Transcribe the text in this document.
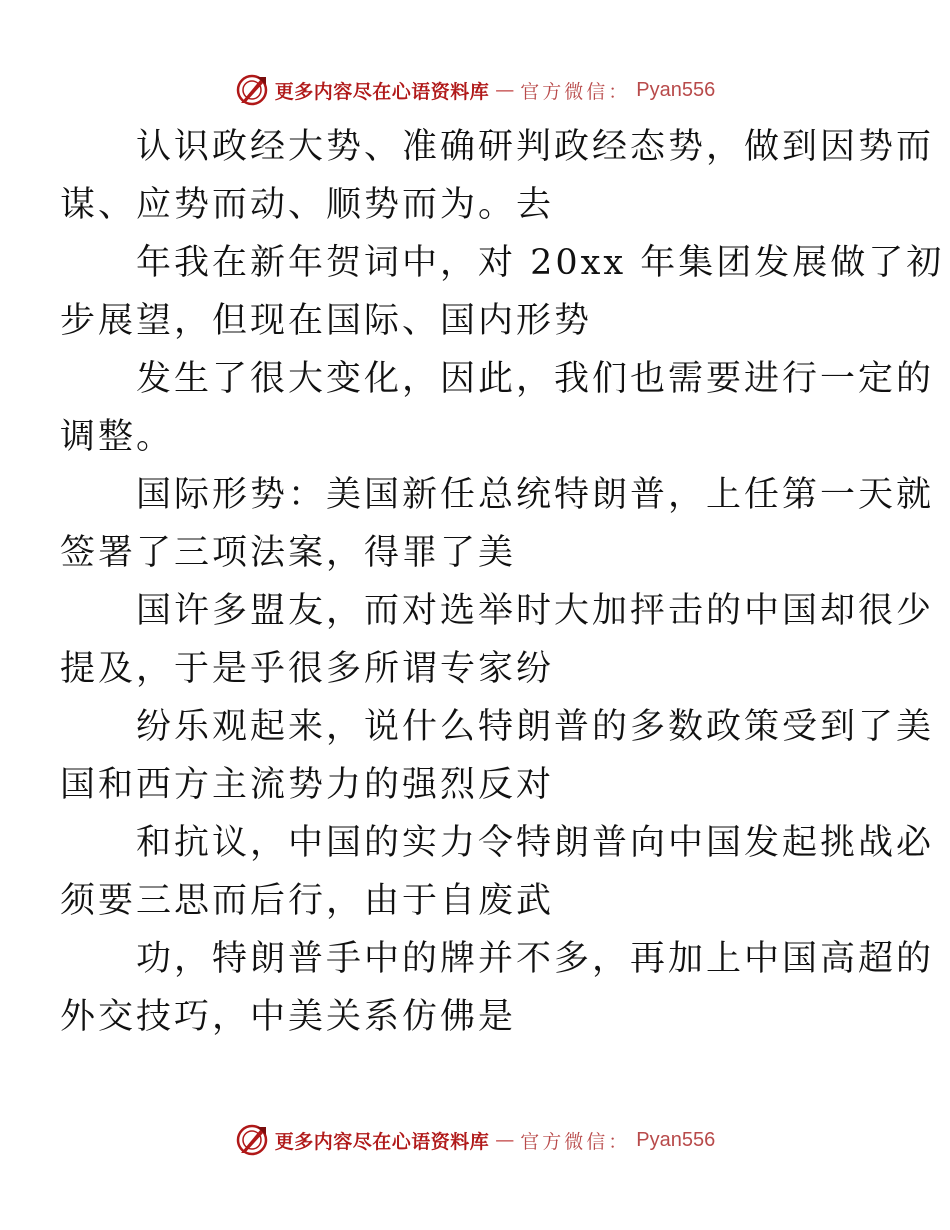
更多内容尽在心语资料库 — 官方微信： Pyan556

认识政经大势、准确研判政经态势，做到因势而
谋、应势而动、顺势而为。去

年我在新年贺词中，对 20xx 年集团发展做了初
步展望，但现在国际、国内形势

发生了很大变化，因此，我们也需要进行一定的
调整。

国际形势：美国新任总统特朗普，上任第一天就
签署了三项法案，得罪了美

国许多盟友，而对选举时大加抨击的中国却很少
提及，于是乎很多所谓专家纷

纷乐观起来，说什么特朗普的多数政策受到了美
国和西方主流势力的强烈反对

和抗议，中国的实力令特朗普向中国发起挑战必
须要三思而后行，由于自废武

功，特朗普手中的牌并不多，再加上中国高超的
外交技巧，中美关系仿佛是

更多内容尽在心语资料库 — 官方微信： Pyan556
